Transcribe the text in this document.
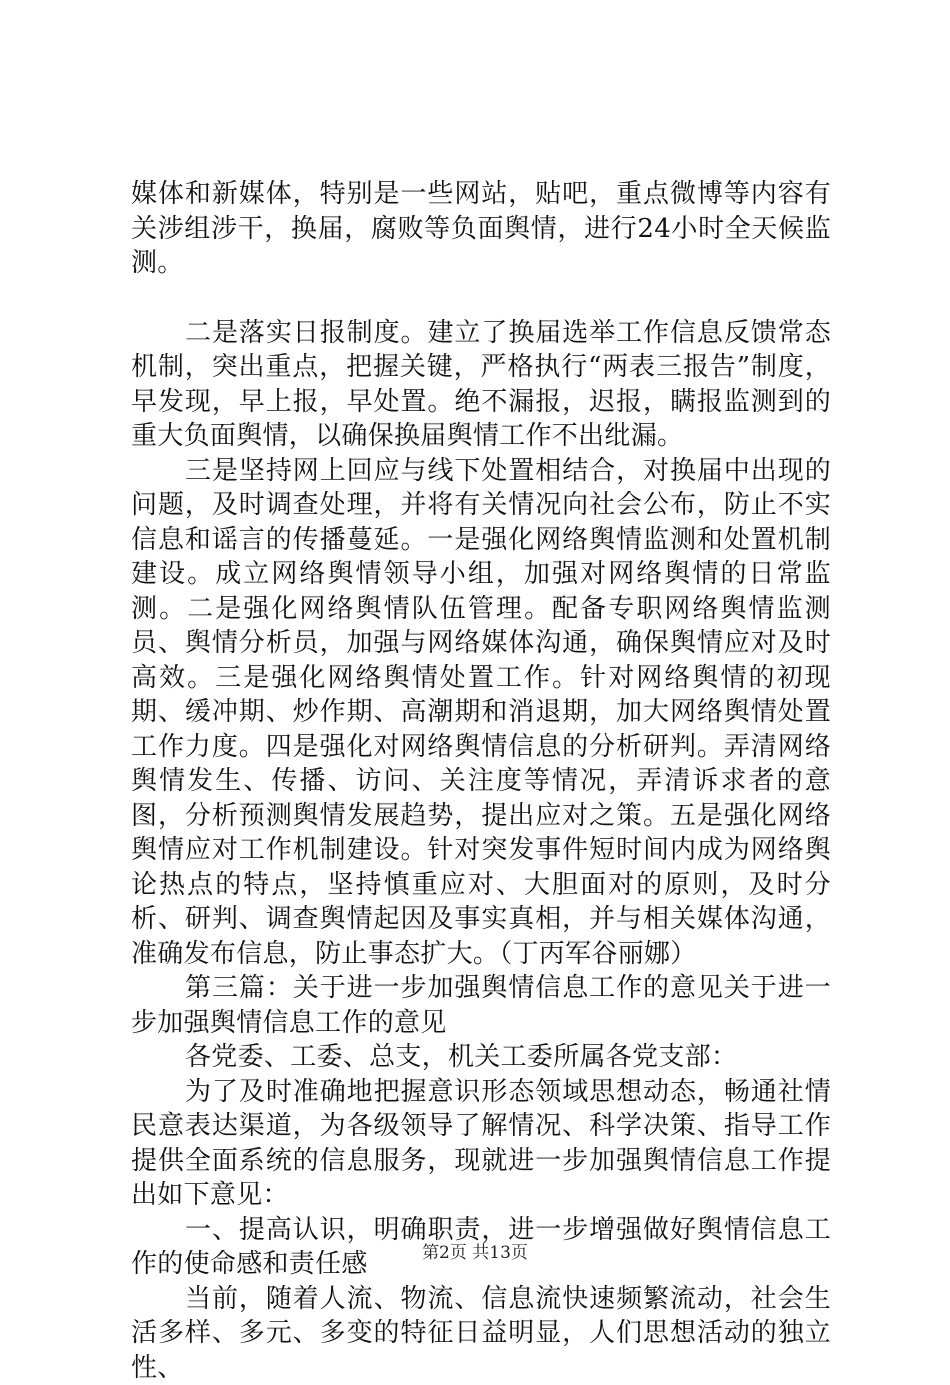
媒体和新媒体，特别是一些网站，贴吧，重点微博等内容有关涉组涉干，换届，腐败等负面舆情，进行24小时全天候监测。

二是落实日报制度。建立了换届选举工作信息反馈常态机制，突出重点，把握关键，严格执行“两表三报告”制度，早发现，早上报，早处置。绝不漏报，迟报，瞒报监测到的重大负面舆情，以确保换届舆情工作不出纰漏。

三是坚持网上回应与线下处置相结合，对换届中出现的问题，及时调查处理，并将有关情况向社会公布，防止不实信息和谣言的传播蔓延。一是强化网络舆情监测和处置机制建设。成立网络舆情领导小组，加强对网络舆情的日常监测。二是强化网络舆情队伍管理。配备专职网络舆情监测员、舆情分析员，加强与网络媒体沟通，确保舆情应对及时高效。三是强化网络舆情处置工作。针对网络舆情的初现期、缓冲期、炒作期、高潮期和消退期，加大网络舆情处置工作力度。四是强化对网络舆情信息的分析研判。弄清网络舆情发生、传播、访问、关注度等情况，弄清诉求者的意图，分析预测舆情发展趋势，提出应对之策。五是强化网络舆情应对工作机制建设。针对突发事件短时间内成为网络舆论热点的特点，坚持慎重应对、大胆面对的原则，及时分析、研判、调查舆情起因及事实真相，并与相关媒体沟通，准确发布信息，防止事态扩大。（丁丙军谷丽娜）

第三篇：关于进一步加强舆情信息工作的意见关于进一步加强舆情信息工作的意见

各党委、工委、总支，机关工委所属各党支部：

为了及时准确地把握意识形态领域思想动态，畅通社情民意表达渠道，为各级领导了解情况、科学决策、指导工作提供全面系统的信息服务，现就进一步加强舆情信息工作提出如下意见：

一、提高认识，明确职责，进一步增强做好舆情信息工作的使命感和责任感

当前，随着人流、物流、信息流快速频繁流动，社会生活多样、多元、多变的特征日益明显，人们思想活动的独立性、

第2页 共13页
